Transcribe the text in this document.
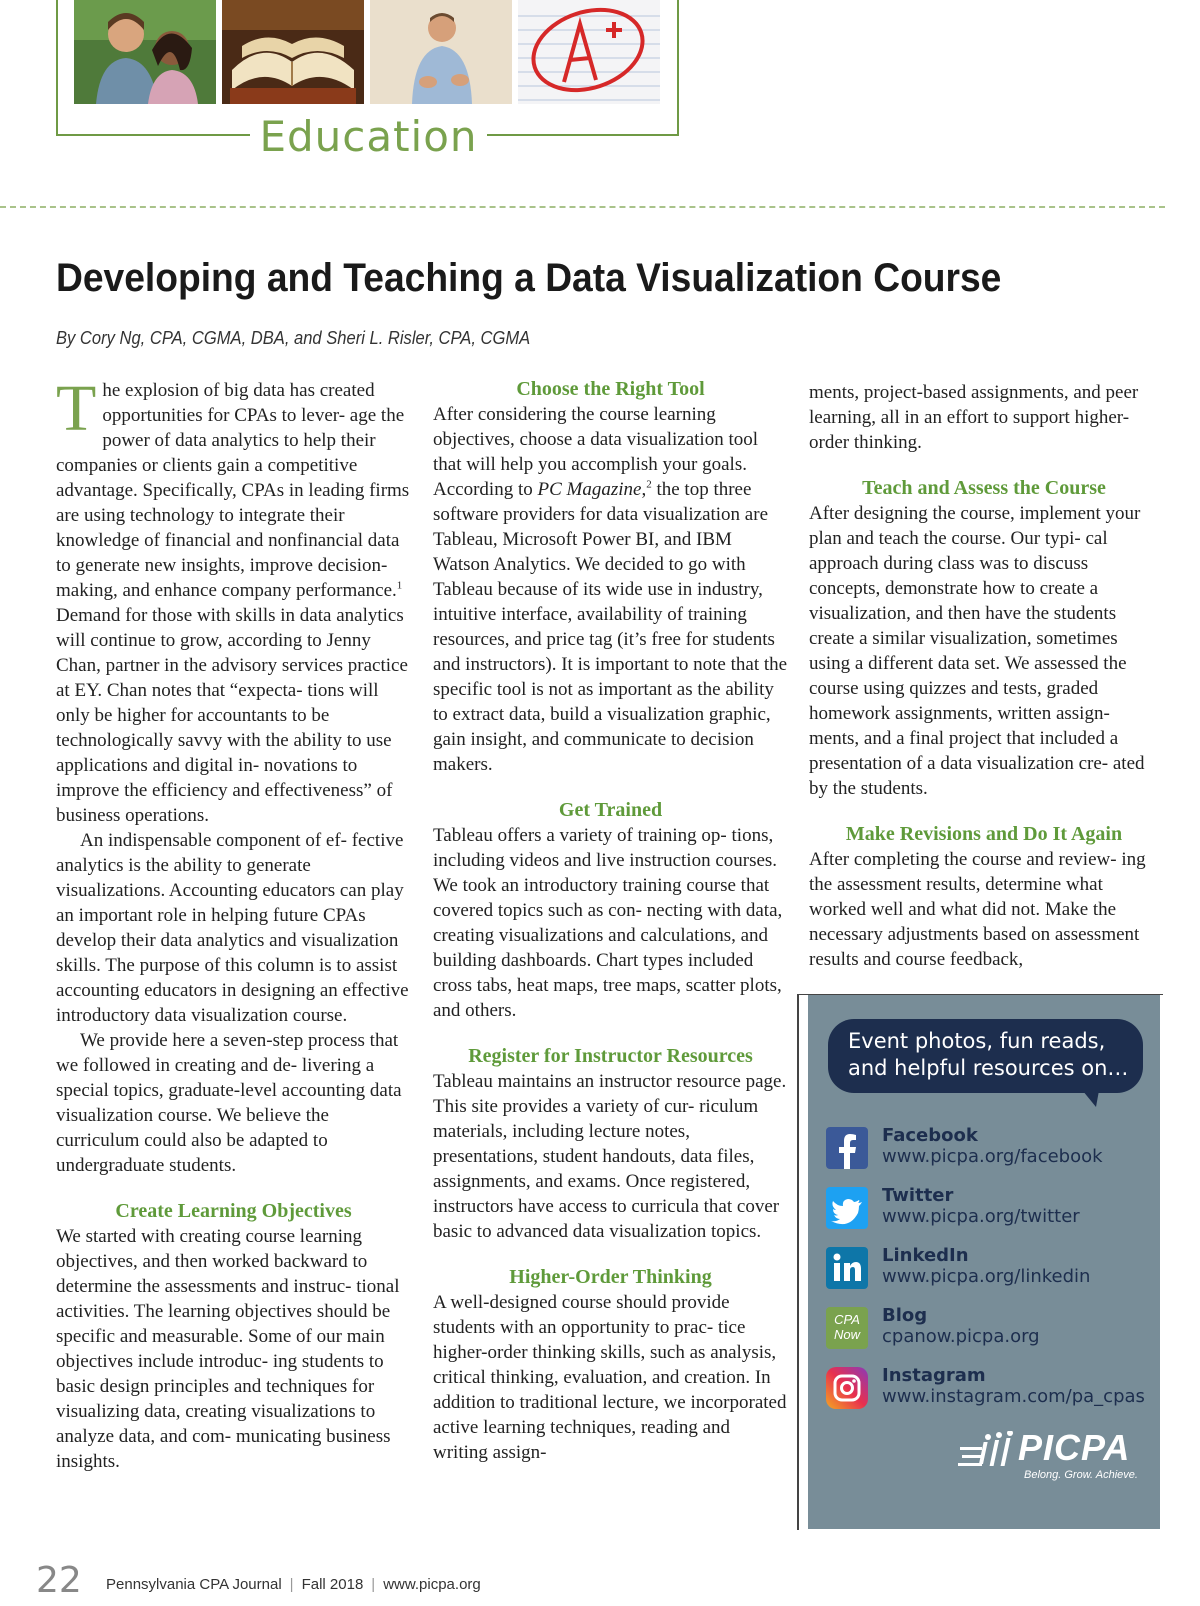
Education
Developing and Teaching a Data Visualization Course
By Cory Ng, CPA, CGMA, DBA, and Sheri L. Risler, CPA, CGMA

The explosion of big data has created opportunities for CPAs to lever- age the power of data analytics to help their companies or clients gain a competitive advantage. Specifically, CPAs in leading firms are using technology to integrate their knowledge of financial and nonfinancial data to generate new insights, improve decision-making, and enhance company performance.$^1$ Demand for those with skills in data analytics will continue to grow, according to Jenny Chan, partner in the advisory services practice at EY. Chan notes that “expecta- tions will only be higher for accountants to be technologically savvy with the ability to use applications and digital in- novations to improve the efficiency and effectiveness” of business operations.

An indispensable component of ef- fective analytics is the ability to generate visualizations. Accounting educators can play an important role in helping future CPAs develop their data analytics and visualization skills. The purpose of this column is to assist accounting educators in designing an effective introductory data visualization course.

We provide here a seven-step process that we followed in creating and de- livering a special topics, graduate-level accounting data visualization course. We believe the curriculum could also be adapted to undergraduate students.

Create Learning Objectives

We started with creating course learning objectives, and then worked backward to determine the assessments and instruc- tional activities. The learning objectives should be specific and measurable. Some of our main objectives include introduc- ing students to basic design principles and techniques for visualizing data, creating visualizations to analyze data, and com- municating business insights.

Choose the Right Tool

After considering the course learning objectives, choose a data visualization tool that will help you accomplish your goals. According to PC Magazine,$^2$ the top three software providers for data visualization are Tableau, Microsoft Power BI, and IBM Watson Analytics. We decided to go with Tableau because of its wide use in industry, intuitive interface, availability of training resources, and price tag (it’s free for students and instructors). It is important to note that the specific tool is not as important as the ability to extract data, build a visualization graphic, gain insight, and communicate to decision makers.

Get Trained

Tableau offers a variety of training op- tions, including videos and live instruction courses. We took an introductory training course that covered topics such as con- necting with data, creating visualizations and calculations, and building dashboards. Chart types included cross tabs, heat maps, tree maps, scatter plots, and others.

Register for Instructor Resources

Tableau maintains an instructor resource page. This site provides a variety of cur- riculum materials, including lecture notes, presentations, student handouts, data files, assignments, and exams. Once registered, instructors have access to curricula that cover basic to advanced data visualization topics.

Higher-Order Thinking

A well-designed course should provide students with an opportunity to prac- tice higher-order thinking skills, such as analysis, critical thinking, evaluation, and creation. In addition to traditional lecture, we incorporated active learning techniques, reading and writing assign-

ments, project-based assignments, and peer learning, all in an effort to support higher-order thinking.

Teach and Assess the Course

After designing the course, implement your plan and teach the course. Our typi- cal approach during class was to discuss concepts, demonstrate how to create a visualization, and then have the students create a similar visualization, sometimes using a different data set. We assessed the course using quizzes and tests, graded homework assignments, written assign- ments, and a final project that included a presentation of a data visualization cre- ated by the students.

Make Revisions and Do It Again

After completing the course and review- ing the assessment results, determine what worked well and what did not. Make the necessary adjustments based on assessment results and course feedback,

Event photos, fun reads, and helpful resources on…
Facebook
www.picpa.org/facebook
Twitter
www.picpa.org/twitter
LinkedIn
www.picpa.org/linkedin
CPA Now
Blog
cpanow.picpa.org
Instagram
www.instagram.com/pa_cpas
PICPA
Belong. Grow. Achieve.
22 Pennsylvania CPA Journal | Fall 2018 | www.picpa.org
